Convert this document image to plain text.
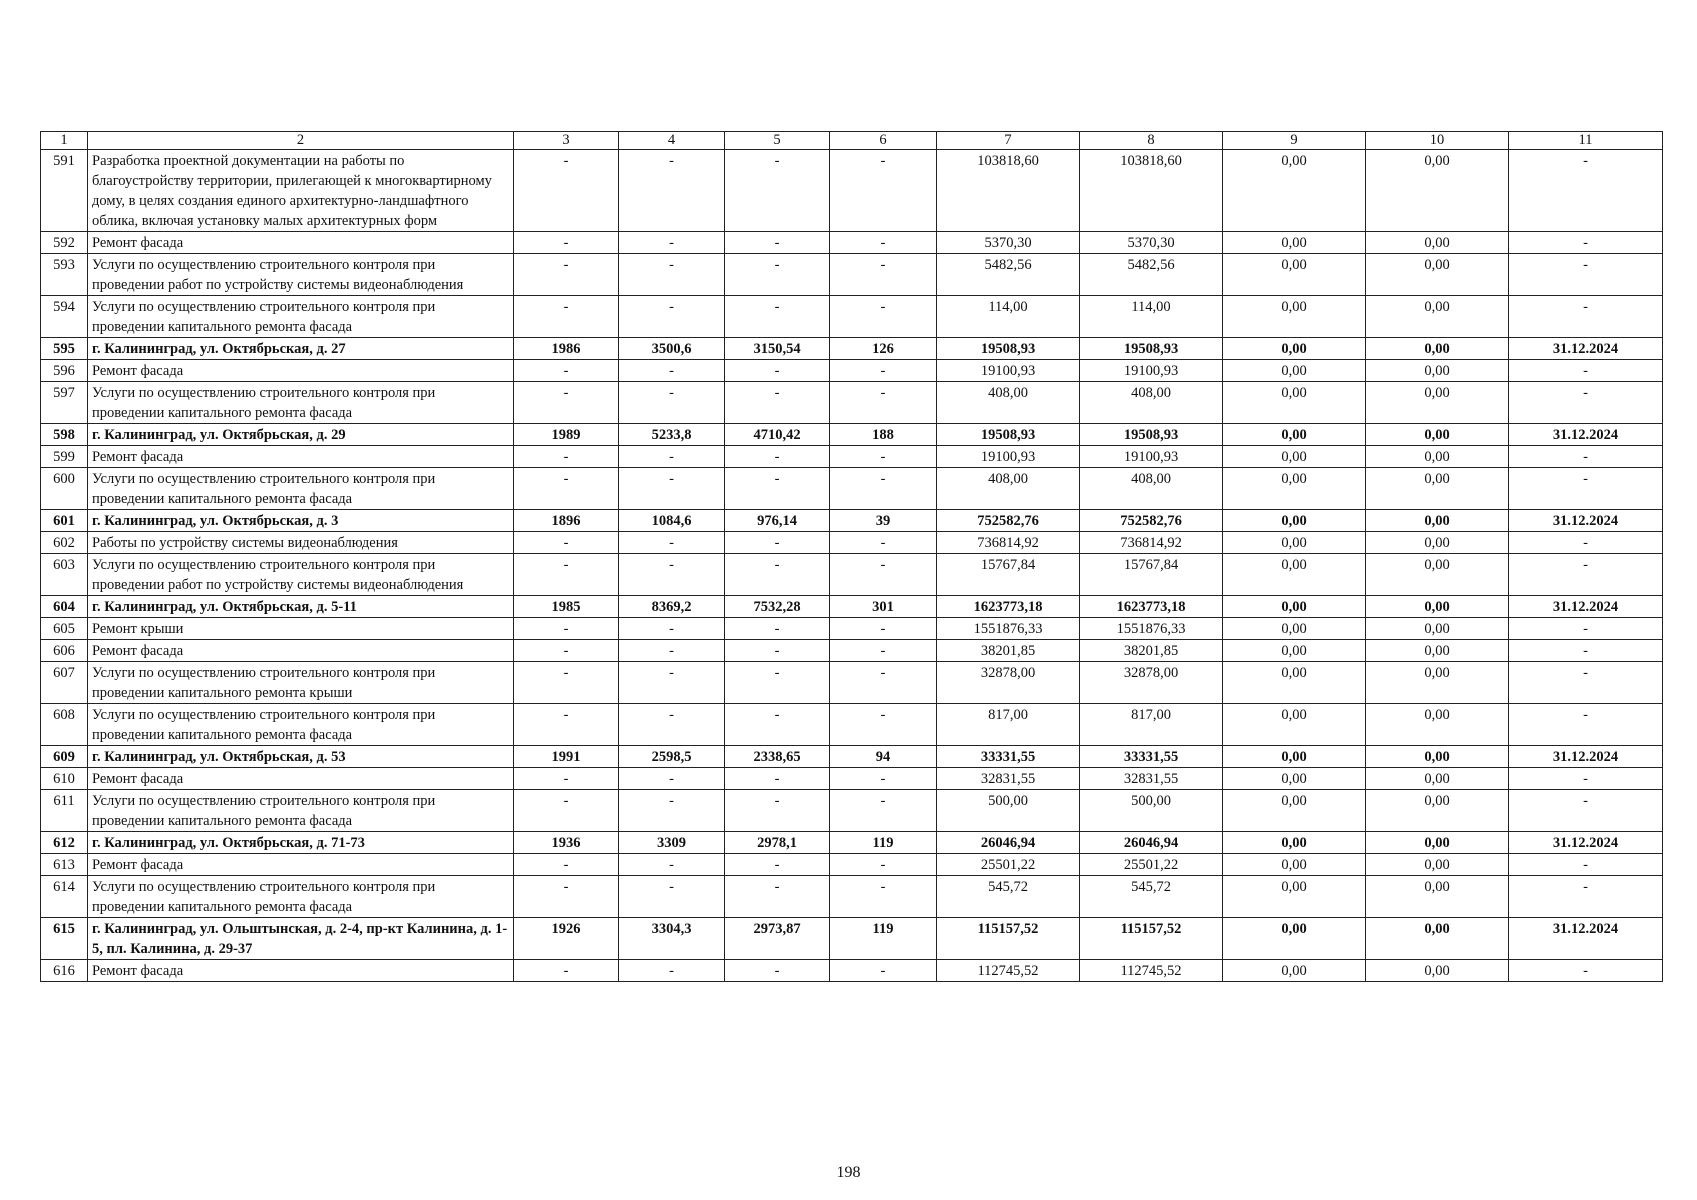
1	2	3	4	5	6	7	8	9	10	11
591	Разработка проектной документации на работы по благоустройству территории, прилегающей к многоквартирному дому, в целях создания единого архитектурно-ландшафтного облика, включая установку малых архитектурных форм	-	-	-	-	103818,60	103818,60	0,00	0,00	-
592	Ремонт фасада	-	-	-	-	5370,30	5370,30	0,00	0,00	-
593	Услуги по осуществлению строительного контроля при проведении работ по устройству системы видеонаблюдения	-	-	-	-	5482,56	5482,56	0,00	0,00	-
594	Услуги по осуществлению строительного контроля при проведении капитального ремонта фасада	-	-	-	-	114,00	114,00	0,00	0,00	-
595	г. Калининград, ул. Октябрьская, д. 27	1986	3500,6	3150,54	126	19508,93	19508,93	0,00	0,00	31.12.2024
596	Ремонт фасада	-	-	-	-	19100,93	19100,93	0,00	0,00	-
597	Услуги по осуществлению строительного контроля при проведении капитального ремонта фасада	-	-	-	-	408,00	408,00	0,00	0,00	-
598	г. Калининград, ул. Октябрьская, д. 29	1989	5233,8	4710,42	188	19508,93	19508,93	0,00	0,00	31.12.2024
599	Ремонт фасада	-	-	-	-	19100,93	19100,93	0,00	0,00	-
600	Услуги по осуществлению строительного контроля при проведении капитального ремонта фасада	-	-	-	-	408,00	408,00	0,00	0,00	-
601	г. Калининград, ул. Октябрьская, д. 3	1896	1084,6	976,14	39	752582,76	752582,76	0,00	0,00	31.12.2024
602	Работы по устройству системы видеонаблюдения	-	-	-	-	736814,92	736814,92	0,00	0,00	-
603	Услуги по осуществлению строительного контроля при проведении работ по устройству системы видеонаблюдения	-	-	-	-	15767,84	15767,84	0,00	0,00	-
604	г. Калининград, ул. Октябрьская, д. 5-11	1985	8369,2	7532,28	301	1623773,18	1623773,18	0,00	0,00	31.12.2024
605	Ремонт крыши	-	-	-	-	1551876,33	1551876,33	0,00	0,00	-
606	Ремонт фасада	-	-	-	-	38201,85	38201,85	0,00	0,00	-
607	Услуги по осуществлению строительного контроля при проведении капитального ремонта крыши	-	-	-	-	32878,00	32878,00	0,00	0,00	-
608	Услуги по осуществлению строительного контроля при проведении капитального ремонта фасада	-	-	-	-	817,00	817,00	0,00	0,00	-
609	г. Калининград, ул. Октябрьская, д. 53	1991	2598,5	2338,65	94	33331,55	33331,55	0,00	0,00	31.12.2024
610	Ремонт фасада	-	-	-	-	32831,55	32831,55	0,00	0,00	-
611	Услуги по осуществлению строительного контроля при проведении капитального ремонта фасада	-	-	-	-	500,00	500,00	0,00	0,00	-
612	г. Калининград, ул. Октябрьская, д. 71-73	1936	3309	2978,1	119	26046,94	26046,94	0,00	0,00	31.12.2024
613	Ремонт фасада	-	-	-	-	25501,22	25501,22	0,00	0,00	-
614	Услуги по осуществлению строительного контроля при проведении капитального ремонта фасада	-	-	-	-	545,72	545,72	0,00	0,00	-
615	г. Калининград, ул. Ольштынская, д. 2-4, пр-кт Калинина, д. 1-5, пл. Калинина, д. 29-37	1926	3304,3	2973,87	119	115157,52	115157,52	0,00	0,00	31.12.2024
616	Ремонт фасада	-	-	-	-	112745,52	112745,52	0,00	0,00	-
198
